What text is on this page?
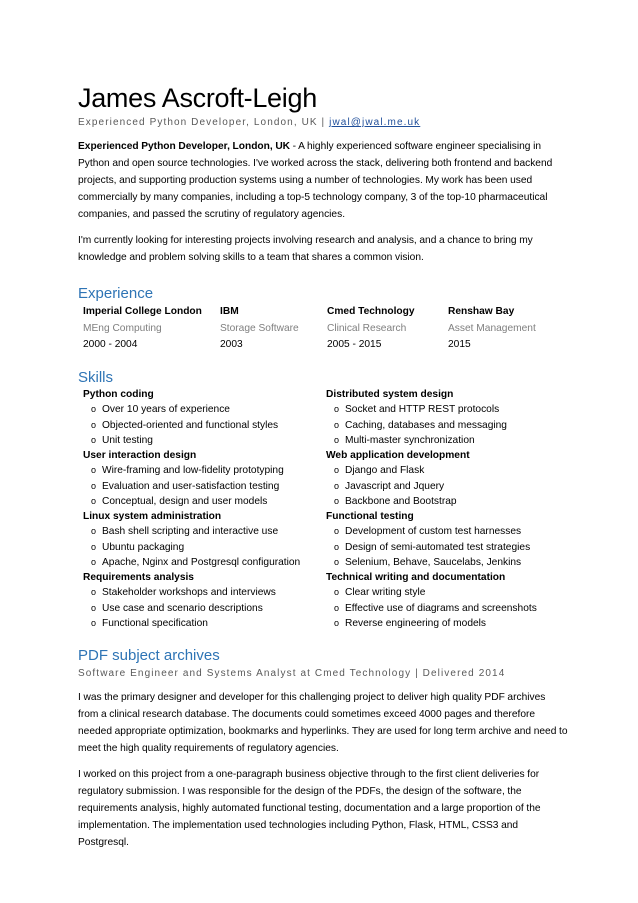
James Ascroft-Leigh
Experienced Python Developer, London, UK | jwal@jwal.me.uk

Experienced Python Developer, London, UK - A highly experienced software engineer specialising in Python and open source technologies. I've worked across the stack, delivering both frontend and backend projects, and supporting production systems using a number of technologies. My work has been used commercially by many companies, including a top-5 technology company, 3 of the top-10 pharmaceutical companies, and passed the scrutiny of regulatory agencies.

I'm currently looking for interesting projects involving research and analysis, and a chance to bring my knowledge and problem solving skills to a team that shares a common vision.

Experience
Imperial College London
MEng Computing
2000 - 2004
IBM
Storage Software
2003
Cmed Technology
Clinical Research
2005 - 2015
Renshaw Bay
Asset Management
2015
Skills
Python coding
o Over 10 years of experience
o Objected-oriented and functional styles
o Unit testing
User interaction design
o Wire-framing and low-fidelity prototyping
o Evaluation and user-satisfaction testing
o Conceptual, design and user models
Linux system administration
o Bash shell scripting and interactive use
o Ubuntu packaging
o Apache, Nginx and Postgresql configuration
Requirements analysis
o Stakeholder workshops and interviews
o Use case and scenario descriptions
o Functional specification
Distributed system design
o Socket and HTTP REST protocols
o Caching, databases and messaging
o Multi-master synchronization
Web application development
o Django and Flask
o Javascript and Jquery
o Backbone and Bootstrap
Functional testing
o Development of custom test harnesses
o Design of semi-automated test strategies
o Selenium, Behave, Saucelabs, Jenkins
Technical writing and documentation
o Clear writing style
o Effective use of diagrams and screenshots
o Reverse engineering of models
PDF subject archives
Software Engineer and Systems Analyst at Cmed Technology | Delivered 2014

I was the primary designer and developer for this challenging project to deliver high quality PDF archives from a clinical research database. The documents could sometimes exceed 4000 pages and therefore needed appropriate optimization, bookmarks and hyperlinks. They are used for long term archive and need to meet the high quality requirements of regulatory agencies.

I worked on this project from a one-paragraph business objective through to the first client deliveries for regulatory submission. I was responsible for the design of the PDFs, the design of the software, the requirements analysis, highly automated functional testing, documentation and a large proportion of the implementation. The implementation used technologies including Python, Flask, HTML, CSS3 and Postgresql.
